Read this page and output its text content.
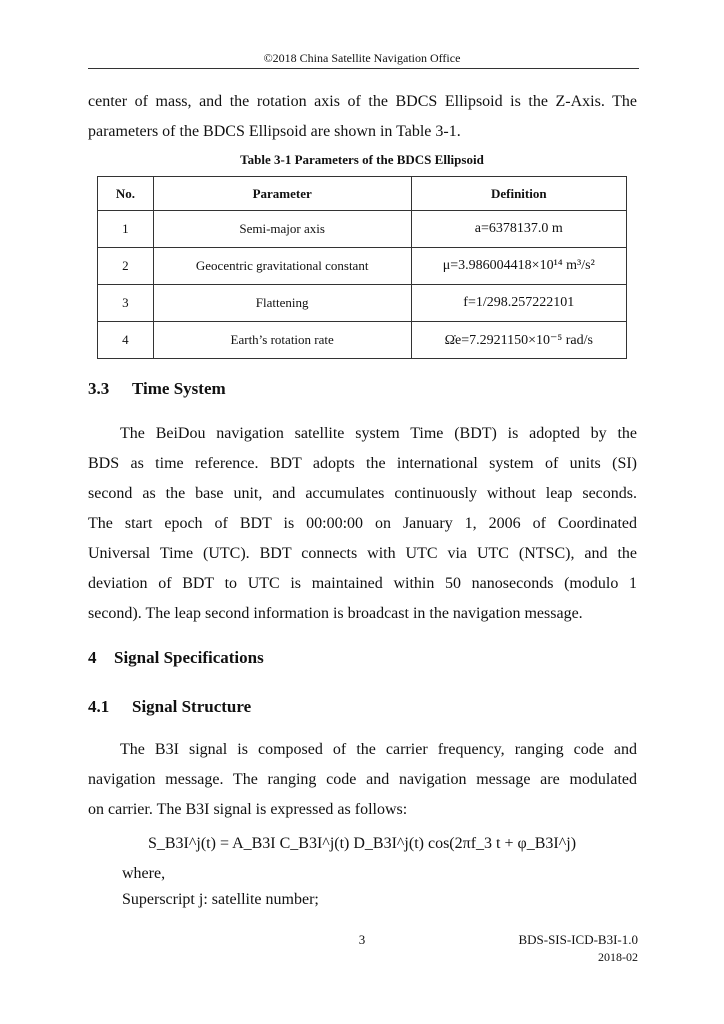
©2018 China Satellite Navigation Office
center of mass, and the rotation axis of the BDCS Ellipsoid is the Z-Axis. The
parameters of the BDCS Ellipsoid are shown in Table 3-1.
Table 3-1 Parameters of the BDCS Ellipsoid
No.	Parameter	Definition
1	Semi-major axis	a=6378137.0 m
2	Geocentric gravitational constant	μ=3.986004418×10¹⁴ m³/s²
3	Flattening	f=1/298.257222101
4	Earth’s rotation rate	Ω̇e=7.2921150×10⁻⁵ rad/s
3.3 Time System
The BeiDou navigation satellite system Time (BDT) is adopted by the
BDS as time reference. BDT adopts the international system of units (SI)
second as the base unit, and accumulates continuously without leap seconds.
The start epoch of BDT is 00:00:00 on January 1, 2006 of Coordinated
Universal Time (UTC). BDT connects with UTC via UTC (NTSC), and the
deviation of BDT to UTC is maintained within 50 nanoseconds (modulo 1
second). The leap second information is broadcast in the navigation message.
4 Signal Specifications
4.1 Signal Structure
The B3I signal is composed of the carrier frequency, ranging code and
navigation message. The ranging code and navigation message are modulated
on carrier. The B3I signal is expressed as follows:
S_B3I^j(t) = A_B3I C_B3I^j(t) D_B3I^j(t) cos(2πf_3 t + φ_B3I^j)
where,
Superscript j: satellite number;
3	BDS-SIS-ICD-B3I-1.0
2018-02
